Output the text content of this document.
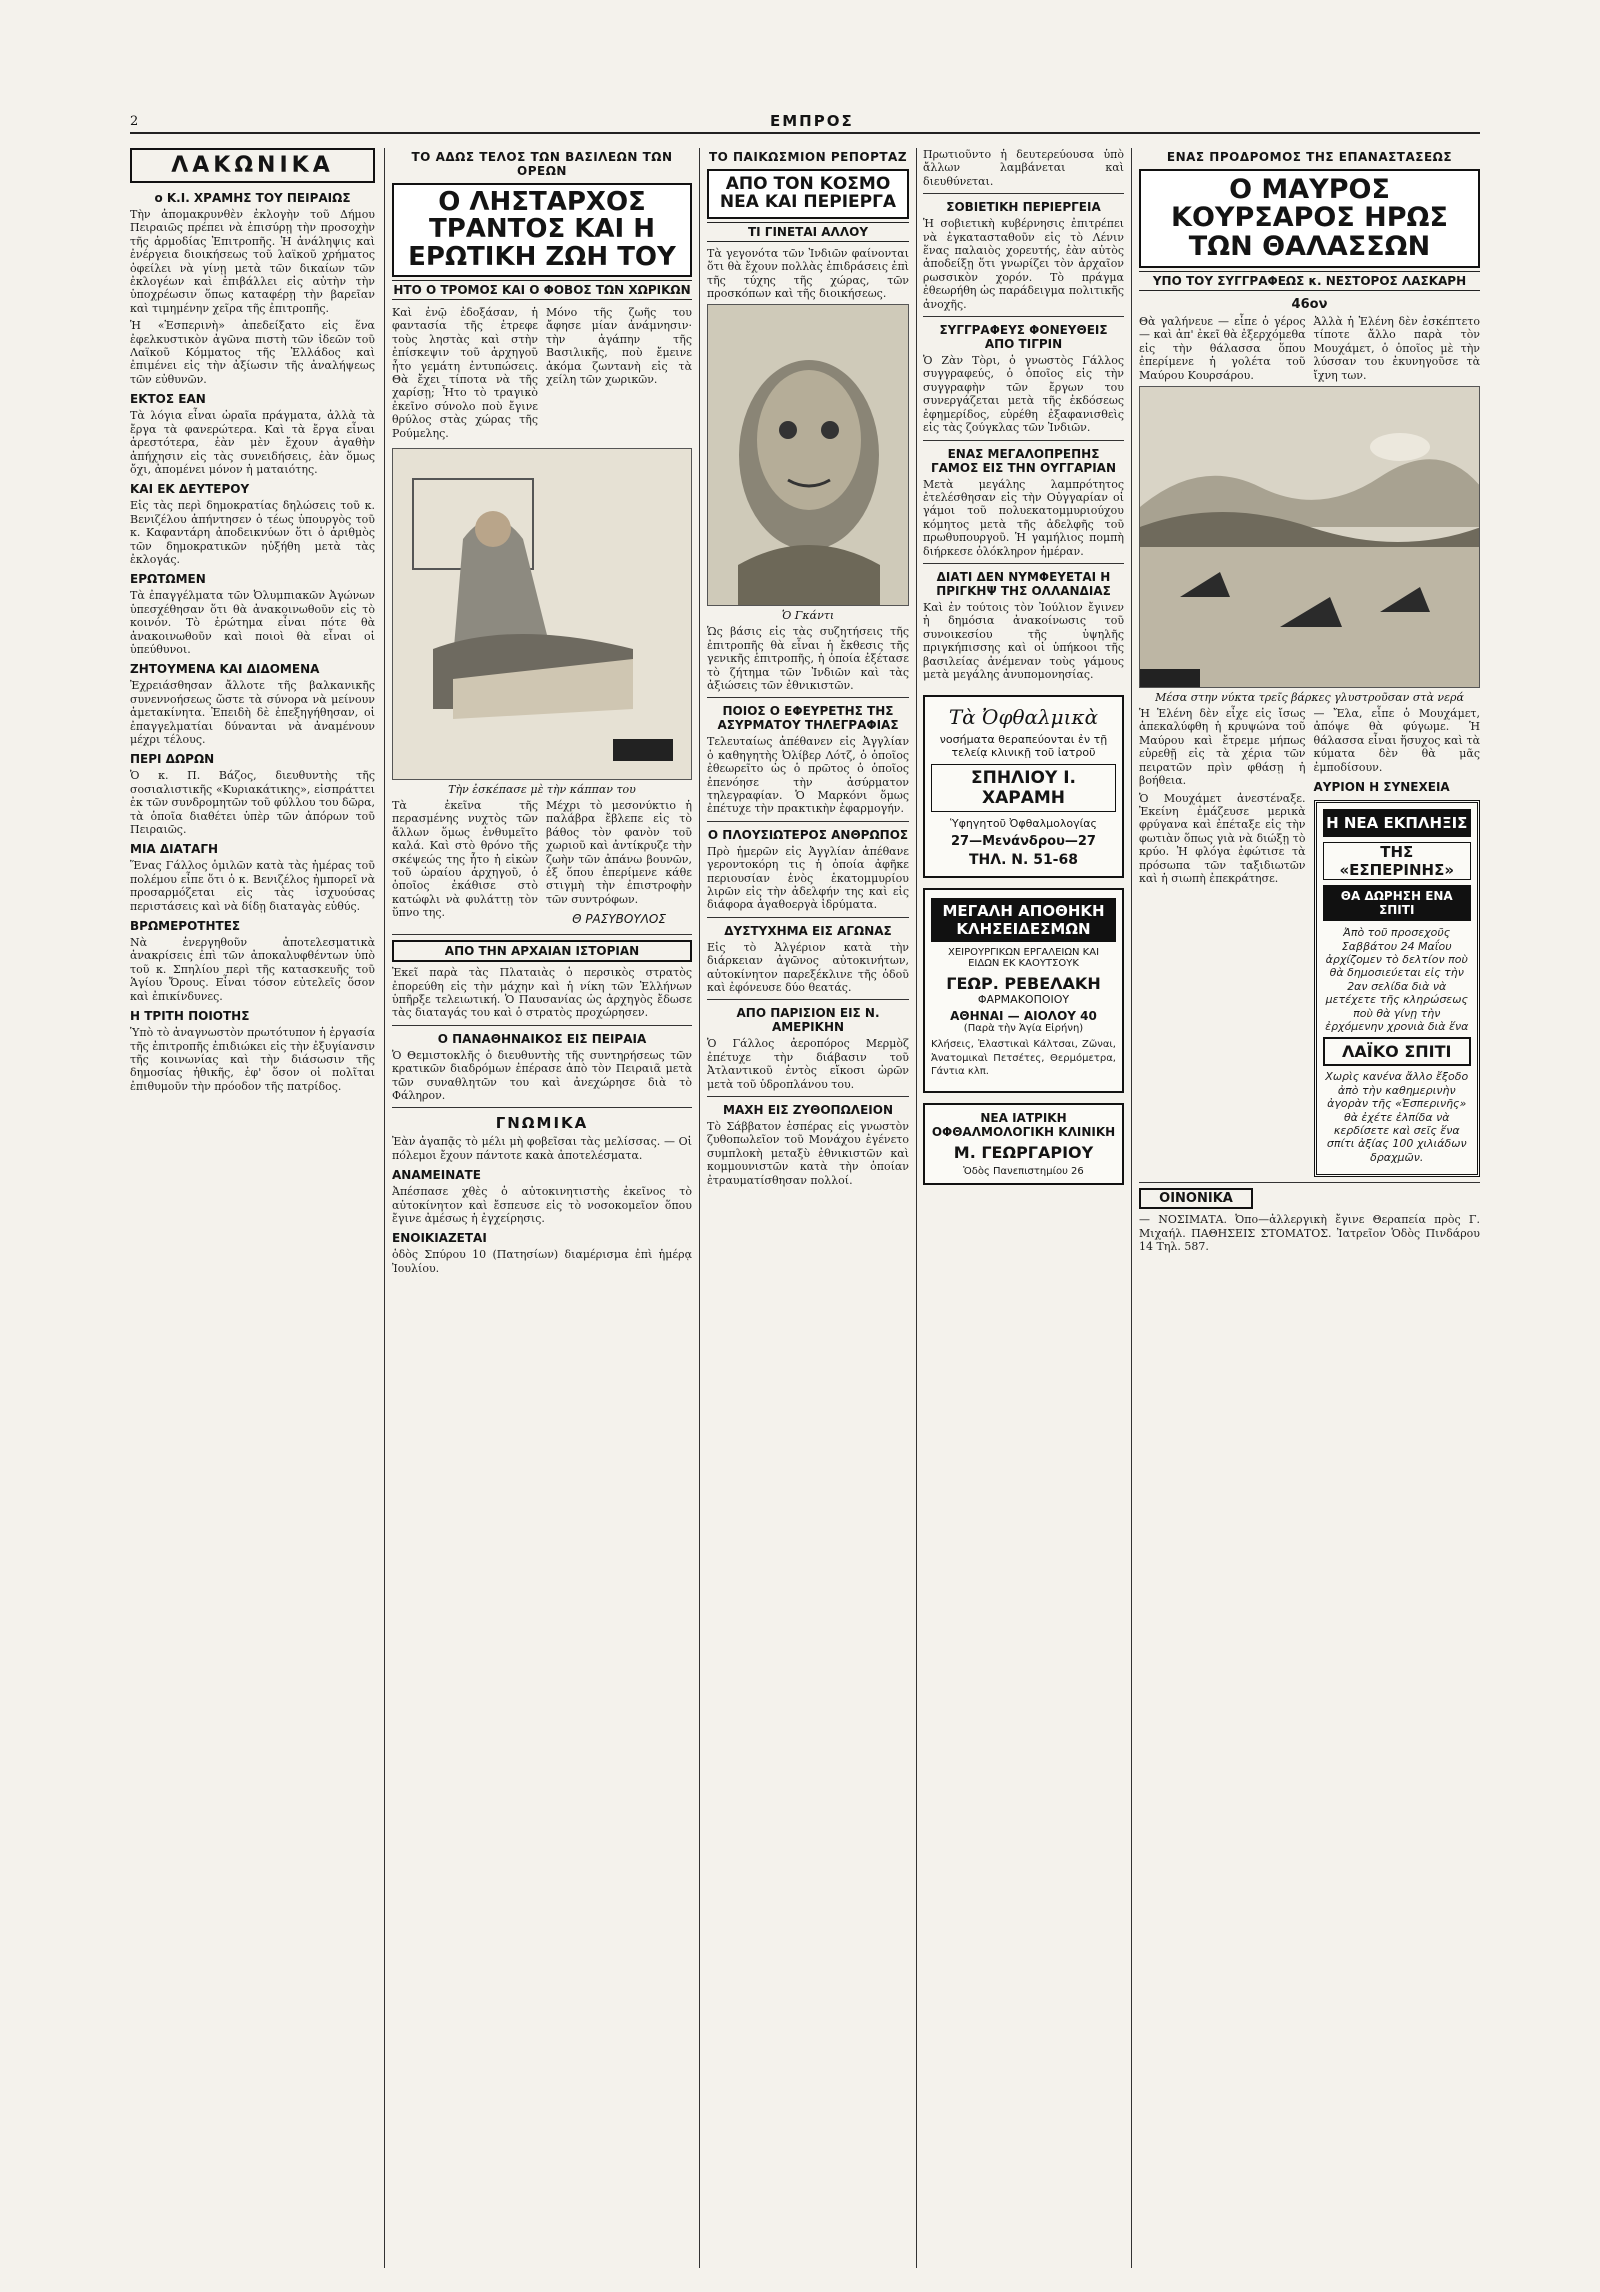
2	ΕΜΠΡΟΣ
ΛΑΚΩΝΙΚΑ
ο Κ.Ι. ΧΡΑΜΗΣ ΤΟΥ ΠΕΙΡΑΙΩΣ

Τὴν ἀπομακρυνθὲν ἐκλογὴν τοῦ Δήμου Πειραιῶς πρέπει νὰ ἐπισύρῃ τὴν προσοχὴν τῆς ἀρμοδίας Ἐπιτροπῆς. Ἡ ἀνάληψις καὶ ἐνέργεια διοικήσεως τοῦ λαϊκοῦ χρήματος ὀφείλει νὰ γίνῃ μετὰ τῶν δικαίων τῶν ἐκλογέων καὶ ἐπιβάλλει εἰς αὐτὴν τὴν ὑποχρέωσιν ὅπως καταφέρῃ τὴν βαρεῖαν καὶ τιμημένην χεῖρα τῆς ἐπιτροπῆς.

Ἡ «Ἑσπερινὴ» ἀπεδείξατο εἰς ἕνα ἐφελκυστικὸν ἀγῶνα πιστὴ τῶν ἰδεῶν τοῦ Λαϊκοῦ Κόμματος τῆς Ἑλλάδος καὶ ἐπιμένει εἰς τὴν ἀξίωσιν τῆς ἀναλήψεως τῶν εὐθυνῶν.

ΕΚΤΟΣ ΕΑΝ

Τὰ λόγια εἶναι ὡραῖα πράγματα, ἀλλὰ τὰ ἔργα τὰ φανερώτερα. Καὶ τὰ ἔργα εἶναι ἀρεστότερα, ἐὰν μὲν ἔχουν ἀγαθὴν ἀπήχησιν εἰς τὰς συνειδήσεις, ἐὰν ὅμως ὄχι, ἀπομένει μόνον ἡ ματαιότης.

ΚΑΙ ΕΚ ΔΕΥΤΕΡΟΥ

Εἰς τὰς περὶ δημοκρατίας δηλώσεις τοῦ κ. Βενιζέλου ἀπήντησεν ὁ τέως ὑπουργὸς τοῦ κ. Καφαντάρη ἀποδεικνύων ὅτι ὁ ἀριθμὸς τῶν δημοκρατικῶν ηὐξήθη μετὰ τὰς ἐκλογάς.

ΕΡΩΤΩΜΕΝ

Τὰ ἐπαγγέλματα τῶν Ὀλυμπιακῶν Ἀγώνων ὑπεσχέθησαν ὅτι θὰ ἀνακοινωθοῦν εἰς τὸ κοινόν. Τὸ ἐρώτημα εἶναι πότε θὰ ἀνακοινωθοῦν καὶ ποιοὶ θὰ εἶναι οἱ ὑπεύθυνοι.

ΖΗΤΟΥΜΕΝΑ ΚΑΙ ΔΙΔΟΜΕΝΑ

Ἐχρειάσθησαν ἄλλοτε τῆς βαλκανικῆς συνεννοήσεως ὥστε τὰ σύνορα νὰ μείνουν ἀμετακίνητα. Ἐπειδὴ δὲ ἐπεξηγήθησαν, οἱ ἐπαγγελματίαι δύνανται νὰ ἀναμένουν μέχρι τέλους.

ΠΕΡΙ ΔΩΡΩΝ

Ὁ κ. Π. Βάζος, διευθυντὴς τῆς σοσιαλιστικῆς «Κυριακάτικης», εἰσπράττει ἐκ τῶν συνδρομητῶν τοῦ φύλλου του δῶρα, τὰ ὁποῖα διαθέτει ὑπὲρ τῶν ἀπόρων τοῦ Πειραιῶς.

ΜΙΑ ΔΙΑΤΑΓΗ

Ἕνας Γάλλος ὁμιλῶν κατὰ τὰς ἡμέρας τοῦ πολέμου εἶπε ὅτι ὁ κ. Βενιζέλος ἠμπορεῖ νὰ προσαρμόζεται εἰς τὰς ἰσχυούσας περιστάσεις καὶ νὰ δίδῃ διαταγὰς εὐθύς.

ΒΡΩΜΕΡΟΤΗΤΕΣ

Νὰ ἐνεργηθοῦν ἀποτελεσματικὰ ἀνακρίσεις ἐπὶ τῶν ἀποκαλυφθέντων ὑπὸ τοῦ κ. Σπηλίου περὶ τῆς κατασκευῆς τοῦ Ἁγίου Ὄρους. Εἶναι τόσον εὐτελεῖς ὅσον καὶ ἐπικίνδυνες.

Η ΤΡΙΤΗ ΠΟΙΟΤΗΣ

Ὑπὸ τὸ ἀναγνωστὸν πρωτότυπον ἡ ἐργασία τῆς ἐπιτροπῆς ἐπιδιώκει εἰς τὴν ἐξυγίανσιν τῆς κοινωνίας καὶ τὴν διάσωσιν τῆς δημοσίας ἠθικῆς, ἐφ' ὅσον οἱ πολῖται ἐπιθυμοῦν τὴν πρόοδον τῆς πατρίδος.

ΤΟ ΑΔΩΣ ΤΕΛΟΣ ΤΩΝ ΒΑΣΙΛΕΩΝ ΤΩΝ ΟΡΕΩΝ
Ο ΛΗΣΤΑΡΧΟΣ ΤΡΑΝΤΟΣ ΚΑΙ Η ΕΡΩΤΙΚΗ ΖΩΗ ΤΟΥ
ΗΤΟ Ο ΤΡΟΜΟΣ ΚΑΙ Ο ΦΟΒΟΣ ΤΩΝ ΧΩΡΙΚΩΝ

Καὶ ἐνῷ ἐδοξάσαν, ἡ φαντασία τῆς ἐτρεφε τοὺς ληστὰς καὶ στὴν ἐπίσκεψιν τοῦ ἀρχηγοῦ ἦτο γεμάτη ἐντυπώσεις. Θὰ ἔχει τίποτα νὰ τῆς χαρίσῃ; Ἦτο τὸ τραγικὸ ἐκεῖνο σύνολο ποὺ ἔγινε θρύλος στὰς χώρας τῆς Ρούμελης.

Μόνο τῆς ζωῆς του ἄφησε μίαν ἀνάμνησιν· τὴν ἀγάπην τῆς Βασιλικῆς, ποὺ ἔμεινε ἀκόμα ζωντανὴ εἰς τὰ χείλη τῶν χωρικῶν.

Τὴν ἐσκέπασε μὲ τὴν κάππαν του

Τὰ ἐκεῖνα τῆς περασμένης νυχτὸς τῶν ἄλλων ὅμως ἐνθυμεῖτο καλά. Καὶ στὸ θρόνο τῆς σκέψεώς της ἦτο ἡ εἰκὼν τοῦ ὡραίου ἀρχηγοῦ, ὁ ὁποῖος ἐκάθισε στὸ κατώφλι νὰ φυλάττῃ τὸν ὕπνο της.

Μέχρι τὸ μεσονύκτιο ἡ παλάβρα ἔβλεπε εἰς τὸ βάθος τὸν φανὸν τοῦ χωριοῦ καὶ ἀντίκρυζε τὴν ζωὴν τῶν ἀπάνω βουνῶν, ἐξ ὅπου ἐπερίμενε κάθε στιγμὴ τὴν ἐπιστροφὴν τῶν συντρόφων.

Θ ΡΑΣΥΒΟΥΛΟΣ
ΑΠΟ ΤΗΝ ΑΡΧΑΙΑΝ ΙΣΤΟΡΙΑΝ

Ἐκεῖ παρὰ τὰς Πλαταιὰς ὁ περσικὸς στρατὸς ἐπορεύθη εἰς τὴν μάχην καὶ ἡ νίκη τῶν Ἑλλήνων ὑπῆρξε τελειωτική. Ὁ Παυσανίας ὡς ἀρχηγὸς ἔδωσε τὰς διαταγάς του καὶ ὁ στρατὸς προχώρησεν.

Ο ΠΑΝΑΘΗΝΑΙΚΟΣ ΕΙΣ ΠΕΙΡΑΙΑ

Ὁ Θεμιστοκλῆς ὁ διευθυντὴς τῆς συντηρήσεως τῶν κρατικῶν διαδρόμων ἐπέρασε ἀπὸ τὸν Πειραιᾶ μετὰ τῶν συναθλητῶν του καὶ ἀνεχώρησε διὰ τὸ Φάληρον.

ΓΝΩΜΙΚΑ

Ἐὰν ἀγαπᾷς τὸ μέλι μὴ φοβεῖσαι τὰς μελίσσας. — Οἱ πόλεμοι ἔχουν πάντοτε κακὰ ἀποτελέσματα.

ΑΝΑΜΕΙΝΑΤΕ

Ἀπέσπασε χθὲς ὁ αὐτοκινητιστὴς ἐκεῖνος τὸ αὐτοκίνητον καὶ ἔσπευσε εἰς τὸ νοσοκομεῖον ὅπου ἔγινε ἀμέσως ἡ ἐγχείρησις.

ΕΝΟΙΚΙΑΖΕΤΑΙ

ὁδὸς Σπύρου 10 (Πατησίων) διαμέρισμα ἐπὶ ἡμέρᾳ Ἰουλίου.

ΤΟ ΠΑΙΚΩΣΜΙΟΝ ΡΕΠΟΡΤΑΖ
ΑΠΟ ΤΟΝ ΚΟΣΜΟ ΝΕΑ ΚΑΙ ΠΕΡΙΕΡΓΑ
ΤΙ ΓΙΝΕΤΑΙ ΑΛΛΟΥ

Τὰ γεγονότα τῶν Ἰνδιῶν φαίνονται ὅτι θὰ ἔχουν πολλὰς ἐπιδράσεις ἐπὶ τῆς τύχης τῆς χώρας, τῶν προσκόπων καὶ τῆς διοικήσεως.

Ὁ Γκάντι

Ὡς βάσις εἰς τὰς συζητήσεις τῆς ἐπιτροπῆς θὰ εἶναι ἡ ἔκθεσις τῆς γενικῆς ἐπιτροπῆς, ἡ ὁποία ἐξέτασε τὸ ζήτημα τῶν Ἰνδιῶν καὶ τὰς ἀξιώσεις τῶν ἐθνικιστῶν.

ΠΟΙΟΣ Ο ΕΦΕΥΡΕΤΗΣ ΤΗΣ ΑΣΥΡΜΑΤΟΥ ΤΗΛΕΓΡΑΦΙΑΣ

Τελευταίως ἀπέθανεν εἰς Ἀγγλίαν ὁ καθηγητὴς Ὀλίβερ Λότζ, ὁ ὁποῖος ἐθεωρεῖτο ὡς ὁ πρῶτος ὁ ὁποῖος ἐπενόησε τὴν ἀσύρματον τηλεγραφίαν. Ὁ Μαρκόνι ὅμως ἐπέτυχε τὴν πρακτικὴν ἐφαρμογήν.

Ο ΠΛΟΥΣΙΩΤΕΡΟΣ ΑΝΘΡΩΠΟΣ

Πρὸ ἡμερῶν εἰς Ἀγγλίαν ἀπέθανε γεροντοκόρη τις ἡ ὁποία ἀφῆκε περιουσίαν ἑνὸς ἑκατομμυρίου λιρῶν εἰς τὴν ἀδελφήν της καὶ εἰς διάφορα ἀγαθοεργὰ ἱδρύματα.

ΔΥΣΤΥΧΗΜΑ ΕΙΣ ΑΓΩΝΑΣ

Εἰς τὸ Ἀλγέριον κατὰ τὴν διάρκειαν ἀγῶνος αὐτοκινήτων, αὐτοκίνητον παρεξέκλινε τῆς ὁδοῦ καὶ ἐφόνευσε δύο θεατάς.

ΑΠΟ ΠΑΡΙΣΙΟΝ ΕΙΣ Ν. ΑΜΕΡΙΚΗΝ

Ὁ Γάλλος ἀεροπόρος Μερμὸζ ἐπέτυχε τὴν διάβασιν τοῦ Ἀτλαντικοῦ ἐντὸς εἴκοσι ὡρῶν μετὰ τοῦ ὑδροπλάνου του.

ΜΑΧΗ ΕΙΣ ΖΥΘΟΠΩΛΕΙΟΝ

Τὸ Σάββατον ἑσπέρας εἰς γνωστὸν ζυθοπωλεῖον τοῦ Μονάχου ἐγένετο συμπλοκὴ μεταξὺ ἐθνικιστῶν καὶ κομμουνιστῶν κατὰ τὴν ὁποίαν ἐτραυματίσθησαν πολλοί.

Πρωτιοῦντο ἡ δευτερεύουσα ὑπὸ ἄλλων λαμβάνεται καὶ διευθύνεται.

ΣΟΒΙΕΤΙΚΗ ΠΕΡΙΕΡΓΕΙΑ

Ἡ σοβιετικὴ κυβέρνησις ἐπιτρέπει νὰ ἐγκατασταθοῦν εἰς τὸ Λένιν ἕνας παλαιὸς χορευτής, ἐὰν αὐτὸς ἀποδείξῃ ὅτι γνωρίζει τὸν ἀρχαῖον ρωσσικὸν χορόν. Τὸ πράγμα ἐθεωρήθη ὡς παράδειγμα πολιτικῆς ἀνοχῆς.

ΣΥΓΓΡΑΦΕΥΣ ΦΟΝΕΥΘΕΙΣ ΑΠΟ ΤΙΓΡΙΝ

Ὁ Ζὰν Τὸρι, ὁ γνωστὸς Γάλλος συγγραφεύς, ὁ ὁποῖος εἰς τὴν συγγραφὴν τῶν ἔργων του συνεργάζεται μετὰ τῆς ἐκδόσεως ἐφημερίδος, εὑρέθη ἐξαφανισθεὶς εἰς τὰς ζούγκλας τῶν Ἰνδιῶν.

ΕΝΑΣ ΜΕΓΑΛΟΠΡΕΠΗΣ ΓΑΜΟΣ ΕΙΣ ΤΗΝ ΟΥΓΓΑΡΙΑΝ

Μετὰ μεγάλης λαμπρότητος ἐτελέσθησαν εἰς τὴν Οὐγγαρίαν οἱ γάμοι τοῦ πολυεκατομμυριούχου κόμητος μετὰ τῆς ἀδελφῆς τοῦ πρωθυπουργοῦ. Ἡ γαμήλιος πομπὴ διήρκεσε ὁλόκληρον ἡμέραν.

ΔΙΑΤΙ ΔΕΝ ΝΥΜΦΕΥΕΤΑΙ Η ΠΡΙΓΚΗΨ ΤΗΣ ΟΛΛΑΝΔΙΑΣ

Καὶ ἐν τούτοις τὸν Ἰούλιον ἔγινεν ἡ δημόσια ἀνακοίνωσις τοῦ συνοικεσίου τῆς ὑψηλῆς πριγκήπισσης καὶ οἱ ὑπήκοοι τῆς βασιλείας ἀνέμεναν τοὺς γάμους μετὰ μεγάλης ἀνυπομονησίας.

Τὰ Ὀφθαλμικὰ
νοσήματα θεραπεύονται ἐν τῇ τελείᾳ κλινικῇ τοῦ ἰατροῦ
ΣΠΗΛΙΟΥ Ι. ΧΑΡΑΜΗ
Ὑφηγητοῦ Ὀφθαλμολογίας
27—Μενάνδρου—27
ΤΗΛ. Ν. 51-68
ΜΕΓΑΛΗ ΑΠΟΘΗΚΗ ΚΛΗΣΕΙΔΕΣΜΩΝ
ΧΕΙΡΟΥΡΓΙΚΩΝ ΕΡΓΑΛΕΙΩΝ ΚΑΙ ΕΙΔΩΝ ΕΚ ΚΑΟΥΤΣΟΥΚ
ΓΕΩΡ. ΡΕΒΕΛΑΚΗ
ΦΑΡΜΑΚΟΠΟΙΟΥ
ΑΘΗΝΑΙ — ΑΙΟΛΟΥ 40
(Παρὰ τὴν Ἁγία Εἰρήνη)

Κλήσεις, Ἐλαστικαὶ Κάλτσαι, Ζῶναι, Ἀνατομικαὶ Πετσέτες, Θερμόμετρα, Γάντια κλπ.

ΝΕΑ ΙΑΤΡΙΚΗ ΟΦΘΑΛΜΟΛΟΓΙΚΗ ΚΛΙΝΙΚΗ
Μ. ΓΕΩΡΓΑΡΙΟΥ
Ὁδὸς Πανεπιστημίου 26
ΕΝΑΣ ΠΡΟΔΡΟΜΟΣ ΤΗΣ ΕΠΑΝΑΣΤΑΣΕΩΣ
Ο ΜΑΥΡΟΣ ΚΟΥΡΣΑΡΟΣ ΗΡΩΣ ΤΩΝ ΘΑΛΑΣΣΩΝ
ΥΠΟ ΤΟΥ ΣΥΓΓΡΑΦΕΩΣ κ. ΝΕΣΤΟΡΟΣ ΛΑΣΚΑΡΗ
46ον

Θὰ γαλήνευε — εἶπε ὁ γέρος — καὶ ἀπ' ἐκεῖ θὰ ἐξερχόμεθα εἰς τὴν θάλασσα ὅπου ἐπερίμενε ἡ γολέτα τοῦ Μαύρου Κουρσάρου.

Ἀλλὰ ἡ Ἑλένη δὲν ἐσκέπτετο τίποτε ἄλλο παρὰ τὸν Μουχάμετ, ὁ ὁποῖος μὲ τὴν λύσσαν του ἐκυνηγοῦσε τὰ ἴχνη των.

Μέσα στην νύκτα τρεῖς βάρκες γλυστροῦσαν στὰ νερά

Ἡ Ἑλένη δὲν εἶχε εἰς ἴσως ἀπεκαλύφθη ἡ κρυψώνα τοῦ Μαύρου καὶ ἔτρεμε μήπως εὑρεθῇ εἰς τὰ χέρια τῶν πειρατῶν πρὶν φθάσῃ ἡ βοήθεια.

Ὁ Μουχάμετ ἀνεστέναξε. Ἐκείνη ἐμάζευσε μερικὰ φρύγανα καὶ ἐπέταξε εἰς τὴν φωτιὰν ὅπως γιὰ νὰ διώξῃ τὸ κρύο. Ἡ φλόγα ἐφώτισε τὰ πρόσωπα τῶν ταξιδιωτῶν καὶ ἡ σιωπὴ ἐπεκράτησε.

— Ἔλα, εἶπε ὁ Μουχάμετ, ἀπόψε θὰ φύγωμε. Ἡ θάλασσα εἶναι ἥσυχος καὶ τὰ κύματα δὲν θὰ μᾶς ἐμποδίσουν.

ΑΥΡΙΟΝ Η ΣΥΝΕΧΕΙΑ
Η ΝΕΑ ΕΚΠΛΗΞΙΣ
ΤΗΣ «ΕΣΠΕΡΙΝΗΣ»
ΘΑ ΔΩΡΗΣΗ ΕΝΑ ΣΠΙΤΙ

Ἀπὸ τοῦ προσεχοῦς Σαββάτου 24 Μαΐου ἀρχίζομεν τὸ δελτίον ποὺ θὰ δημοσιεύεται εἰς τὴν 2αν σελίδα διὰ νὰ μετέχετε τῆς κληρώσεως ποὺ θὰ γίνῃ τὴν ἐρχόμενην χρονιὰ διὰ ἕνα

ΛΑΪΚΟ ΣΠΙΤΙ

Χωρὶς κανένα ἄλλο ἔξοδο ἀπὸ τὴν καθημερινὴν ἀγορὰν τῆς «Ἑσπερινῆς» θὰ ἐχέτε ἐλπίδα νὰ κερδίσετε καὶ σεῖς ἕνα σπίτι ἀξίας 100 χιλιάδων δραχμῶν.

ΟΙΝΟΝΙΚΑ

— ΝΟΣΙΜΑΤΑ. Ὀπο—ἀλλεργικὴ ἔγινε Θεραπεία πρὸς Γ. Μιχαήλ. ΠΑΘΗΣΕΙΣ ΣΤΟΜΑΤΟΣ. Ἰατρεῖον Ὁδὸς Πινδάρου 14 Τηλ. 587.
